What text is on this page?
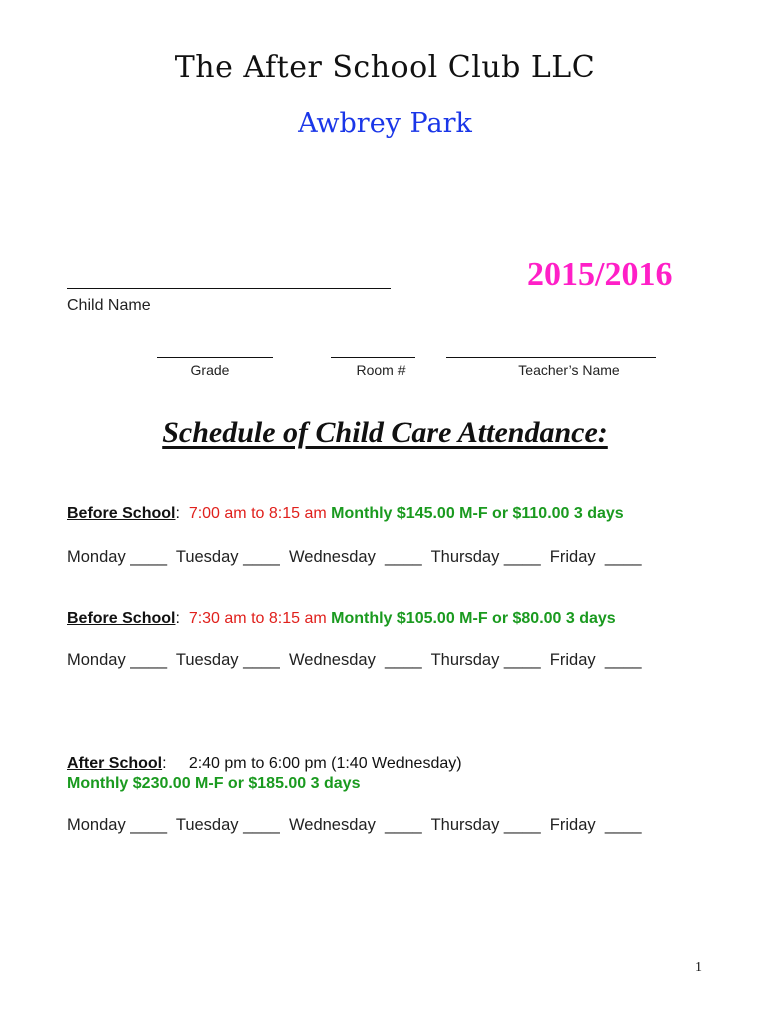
The After School Club LLC
Awbrey Park
2015/2016
Child Name
Grade	Room #	Teacher’s Name
Schedule of Child Care Attendance:
Before School: 7:00 am to 8:15 am Monthly $145.00 M-F or $110.00 3 days
Monday ____  Tuesday ____  Wednesday  ____  Thursday ____  Friday  ____
Before School: 7:30 am to 8:15 am Monthly $105.00 M-F or $80.00 3 days
Monday ____  Tuesday ____  Wednesday  ____  Thursday ____  Friday  ____
After School: 2:40 pm to 6:00 pm (1:40 Wednesday)
Monthly $230.00 M-F or $185.00 3 days
Monday ____  Tuesday ____  Wednesday  ____  Thursday ____  Friday  ____
1
